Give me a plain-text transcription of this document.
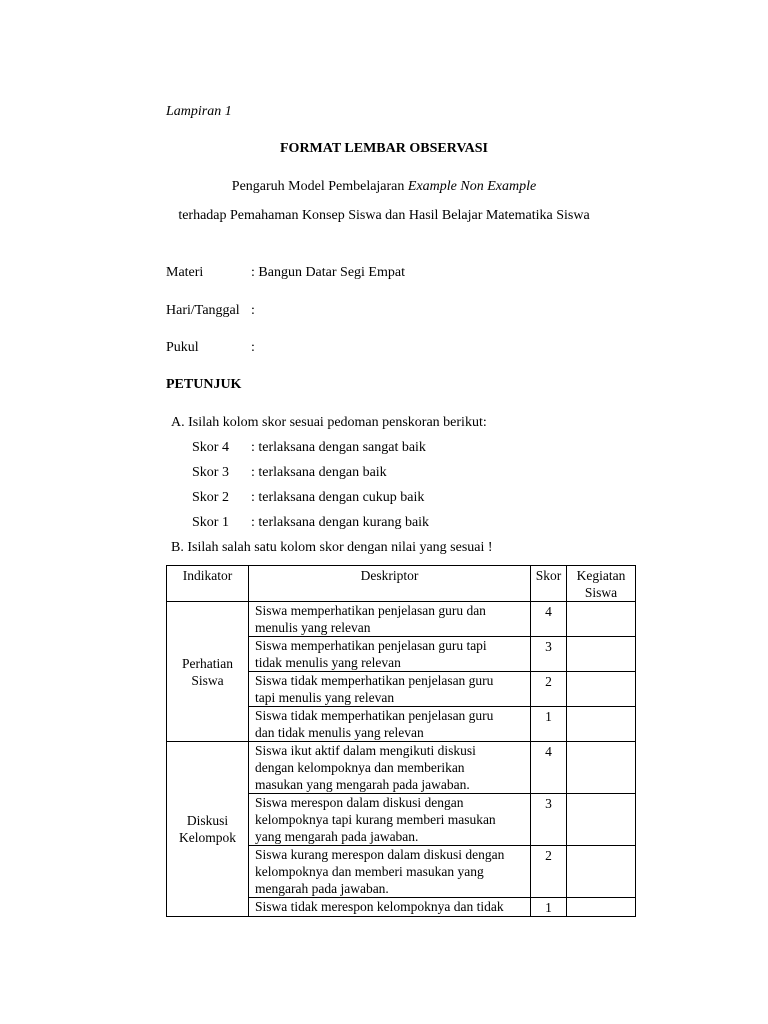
Lampiran 1
FORMAT LEMBAR OBSERVASI
Pengaruh Model Pembelajaran Example Non Example
terhadap Pemahaman Konsep Siswa dan Hasil Belajar Matematika Siswa
Materi	: Bangun Datar Segi Empat
Hari/Tanggal :
Pukul	:
PETUNJUK
A. Isilah kolom skor sesuai pedoman penskoran berikut:
Skor 4 : terlaksana dengan sangat baik
Skor 3 : terlaksana dengan baik
Skor 2 : terlaksana dengan cukup baik
Skor 1 : terlaksana dengan kurang baik
B. Isilah salah satu kolom skor dengan nilai yang sesuai !
Indikator	Deskriptor	Skor	Kegiatan
Siswa

Perhatian
Siswa	Siswa memperhatikan penjelasan guru dan
menulis yang relevan	4	

	Siswa memperhatikan penjelasan guru tapi
tidak menulis yang relevan	3	

	Siswa tidak memperhatikan penjelasan guru
tapi menulis yang relevan	2	

	Siswa tidak memperhatikan penjelasan guru
dan tidak menulis yang relevan	1	

Diskusi
Kelompok	Siswa ikut aktif dalam mengikuti diskusi
dengan kelompoknya dan memberikan
masukan yang mengarah pada jawaban.	4	

	Siswa merespon dalam diskusi dengan
kelompoknya tapi kurang memberi masukan
yang mengarah pada jawaban.	3	

	Siswa kurang merespon dalam diskusi dengan
kelompoknya dan memberi masukan yang
mengarah pada jawaban.	2	

	Siswa tidak merespon kelompoknya dan tidak	1	
